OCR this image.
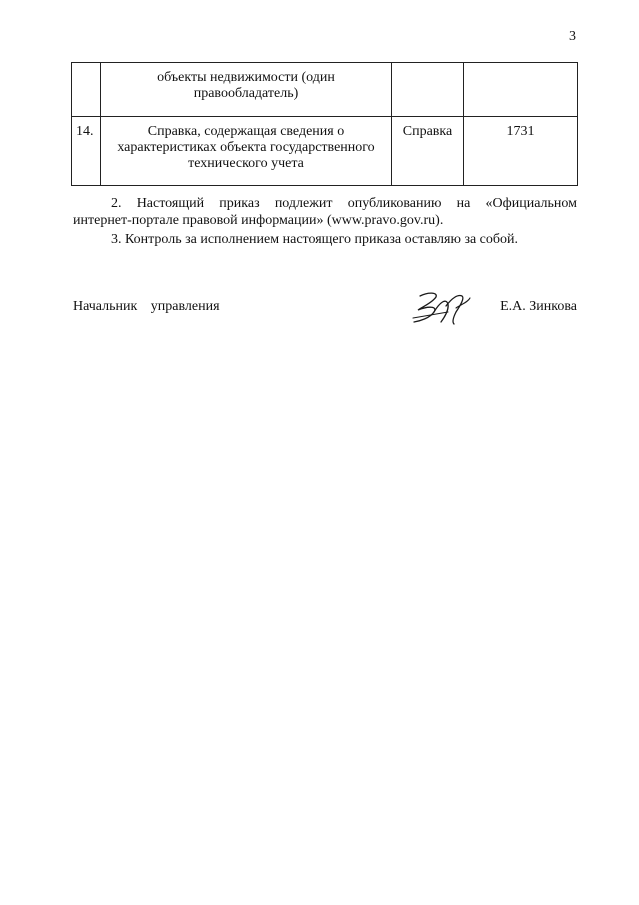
3
	объекты недвижимости (один правообладатель)		
14.	Справка, содержащая сведения о характеристиках объекта государственного технического учета	Справка	1731
2. Настоящий приказ подлежит опубликованию на «Официальном
интернет-портале правовой информации» (www.pravo.gov.ru).
3. Контроль за исполнением настоящего приказа оставляю за собой.
Начальник управления	Е.А. Зинкова
